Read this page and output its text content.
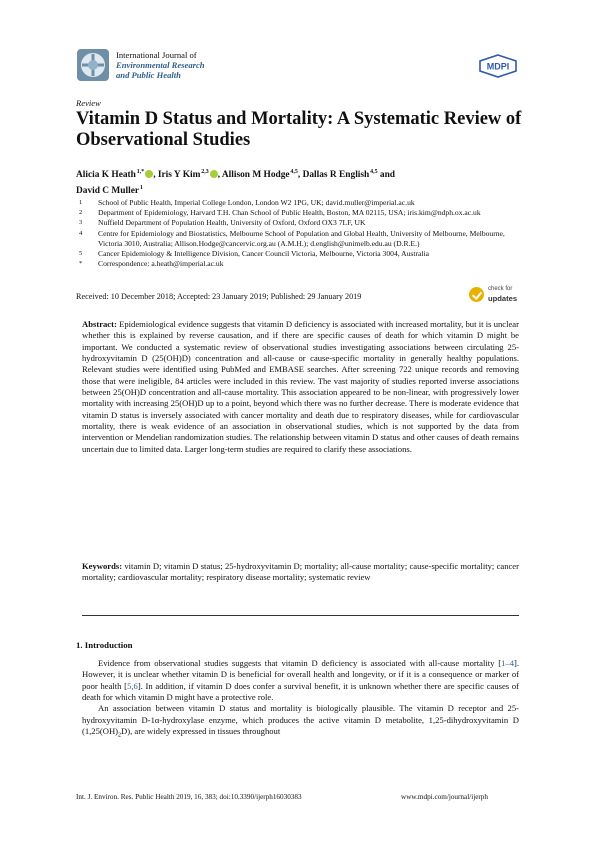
International Journal of
Environmental Research
and Public Health
MDPI
Review
Vitamin D Status and Mortality: A Systematic Review of Observational Studies
Alicia K Heath $^{1,*}$ , Iris Y Kim $^{2,3}$ , Allison M Hodge $^{4,5}$, Dallas R English $^{4,5}$ and
David C Muller $^1$
1	School of Public Health, Imperial College London, London W2 1PG, UK; david.muller@imperial.ac.uk
2	Department of Epidemiology, Harvard T.H. Chan School of Public Health, Boston, MA 02115, USA; iris.kim@ndph.ox.ac.uk
3	Nuffield Department of Population Health, University of Oxford, Oxford OX3 7LF, UK
4	Centre for Epidemiology and Biostatistics, Melbourne School of Population and Global Health, University of Melbourne, Melbourne, Victoria 3010, Australia; Allison.Hodge@cancervic.org.au (A.M.H.); d.english@unimelb.edu.au (D.R.E.)
5	Cancer Epidemiology & Intelligence Division, Cancer Council Victoria, Melbourne, Victoria 3004, Australia
*	Correspondence: a.heath@imperial.ac.uk
Received: 10 December 2018; Accepted: 23 January 2019; Published: 29 January 2019
check for
updates
Abstract: Epidemiological evidence suggests that vitamin D deficiency is associated with increased mortality, but it is unclear whether this is explained by reverse causation, and if there are specific causes of death for which vitamin D might be important. We conducted a systematic review of observational studies investigating associations between circulating 25-hydroxyvitamin D (25(OH)D) concentration and all-cause or cause-specific mortality in generally healthy populations. Relevant studies were identified using PubMed and EMBASE searches. After screening 722 unique records and removing those that were ineligible, 84 articles were included in this review. The vast majority of studies reported inverse associations between 25(OH)D concentration and all-cause mortality. This association appeared to be non-linear, with progressively lower mortality with increasing 25(OH)D up to a point, beyond which there was no further decrease. There is moderate evidence that vitamin D status is inversely associated with cancer mortality and death due to respiratory diseases, while for cardiovascular mortality, there is weak evidence of an association in observational studies, which is not supported by the data from intervention or Mendelian randomization studies. The relationship between vitamin D status and other causes of death remains uncertain due to limited data. Larger long-term studies are required to clarify these associations.
Keywords: vitamin D; vitamin D status; 25-hydroxyvitamin D; mortality; all-cause mortality; cause-specific mortality; cancer mortality; cardiovascular mortality; respiratory disease mortality; systematic review
1. Introduction

Evidence from observational studies suggests that vitamin D deficiency is associated with all-cause mortality [1–4]. However, it is unclear whether vitamin D is beneficial for overall health and longevity, or if it is a consequence or marker of poor health [5,6]. In addition, if vitamin D does confer a survival benefit, it is unknown whether there are specific causes of death for which vitamin D might have a protective role.

An association between vitamin D status and mortality is biologically plausible. The vitamin D receptor and 25-hydroxyvitamin D-1α-hydroxylase enzyme, which produces the active vitamin D metabolite, 1,25-dihydroxyvitamin D $(1,25(OH)_2D)$, are widely expressed in tissues throughout

Int. J. Environ. Res. Public Health 2019, 16, 383; doi:10.3390/ijerph16030383	www.mdpi.com/journal/ijerph
